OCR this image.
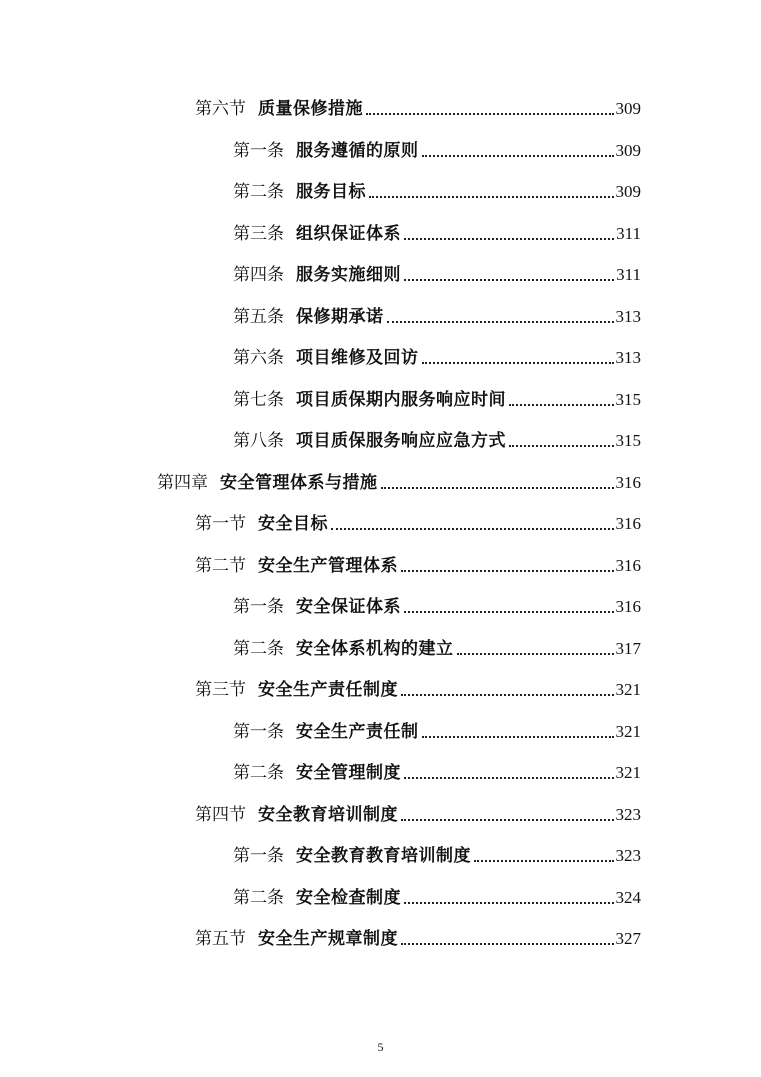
第六节 质量保修措施	309
第一条 服务遵循的原则	309
第二条 服务目标	309
第三条 组织保证体系	311
第四条 服务实施细则	311
第五条 保修期承诺	313
第六条 项目维修及回访	313
第七条 项目质保期内服务响应时间	315
第八条 项目质保服务响应应急方式	315
第四章 安全管理体系与措施	316
第一节 安全目标	316
第二节 安全生产管理体系	316
第一条 安全保证体系	316
第二条 安全体系机构的建立	317
第三节 安全生产责任制度	321
第一条 安全生产责任制	321
第二条 安全管理制度	321
第四节 安全教育培训制度	323
第一条 安全教育教育培训制度	323
第二条 安全检查制度	324
第五节 安全生产规章制度	327
5
